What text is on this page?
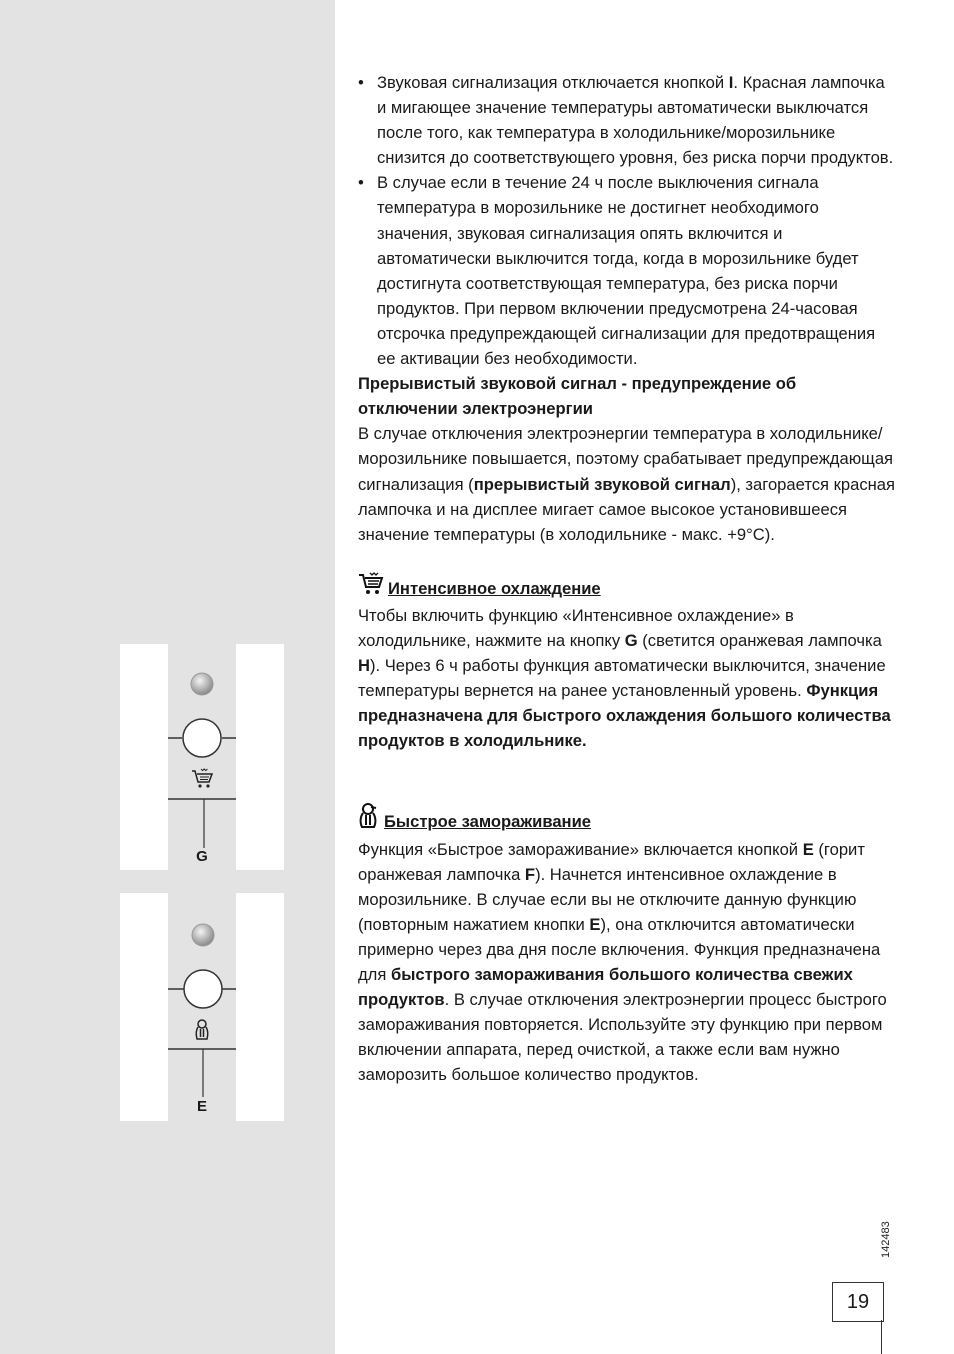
• Звуковая сигнализация отключается кнопкой I. Красная лампочка и мигающее значение температуры автоматически выключатся после того, как температура в холодильнике/морозильнике снизится до соответствующего уровня, без риска порчи продуктов.

• В случае если в течение 24 ч после выключения сигнала температура в морозильнике не достигнет необходимого значения, звуковая сигнализация опять включится и автоматически выключится тогда, когда в морозильнике будет достигнута соответствующая температура, без риска порчи продуктов. При первом включении предусмотрена 24-часовая отсрочка предупреждающей сигнализации для предотвращения ее активации без необходимости.

Прерывистый звуковой сигнал - предупреждение об отключении электроэнергии

В случае отключения электроэнергии температура в холодильнике/морозильнике повышается, поэтому срабатывает предупреждающая сигнализация (прерывистый звуковой сигнал), загорается красная лампочка и на дисплее мигает самое высокое установившееся значение температуры (в холодильнике - макс. +9°C).

Интенсивное охлаждение

Чтобы включить функцию «Интенсивное охлаждение» в холодильнике, нажмите на кнопку G (светится оранжевая лампочка H). Через 6 ч работы функция автоматически выключится, значение температуры вернется на ранее установленный уровень. Функция предназначена для быстрого охлаждения большого количества продуктов в холодильнике.

Быстрое замораживание

Функция «Быстрое замораживание» включается кнопкой E (горит оранжевая лампочка F). Начнется интенсивное охлаждение в морозильнике. В случае если вы не отключите данную функцию (повторным нажатием кнопки E), она отключится автоматически примерно через два дня после включения. Функция предназначена для быстрого замораживания большого количества свежих продуктов. В случае отключения электроэнергии процесс быстрого замораживания повторяется. Используйте эту функцию при первом включении аппарата, перед очисткой, а также если вам нужно заморозить большое количество продуктов.

G
E
142483
19
